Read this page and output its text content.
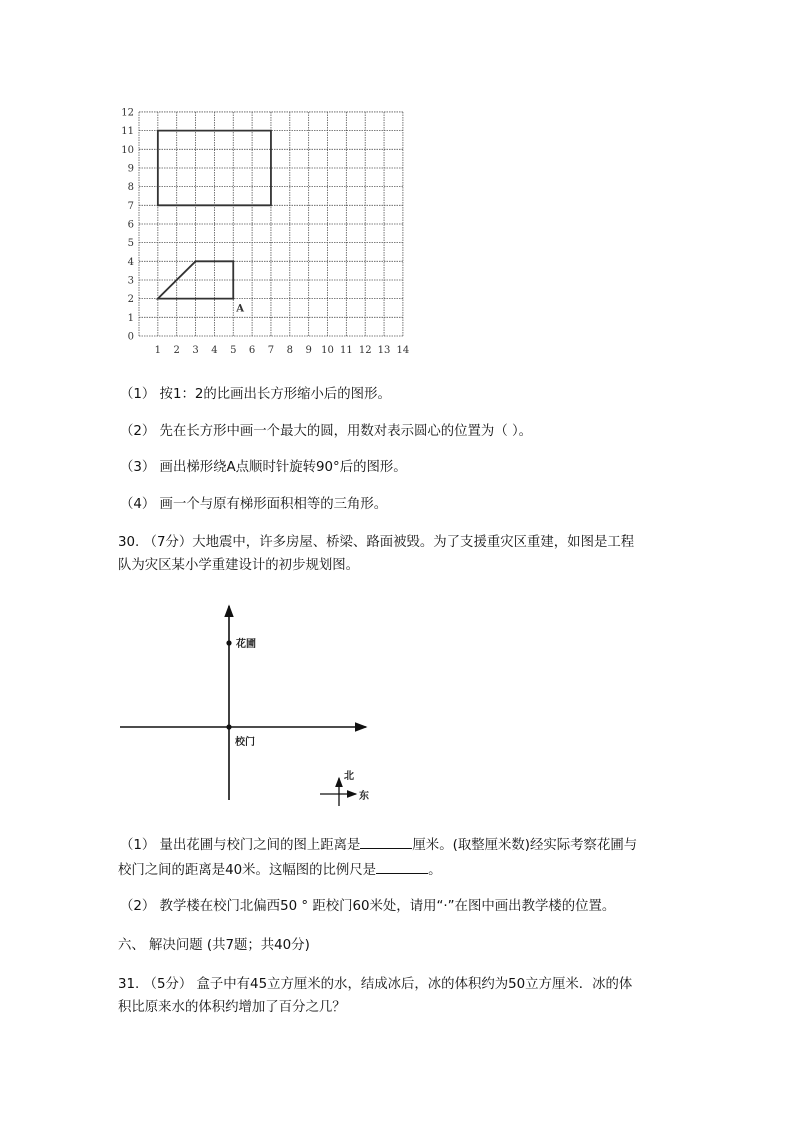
1 2 3 4 5 6 7 8 9 10 11 12 13 14
0
1
2
3
4
5
6
7
8
9
10
11
12
A
（1） 按1：2的比画出长方形缩小后的图形。
（2） 先在长方形中画一个最大的圆，用数对表示圆心的位置为（ ）。
（3） 画出梯形绕A点顺时针旋转90°后的图形。
（4） 画一个与原有梯形面积相等的三角形。
30. （7分）大地震中，许多房屋、桥梁、路面被毁。为了支援重灾区重建，如图是工程
队为灾区某小学重建设计的初步规划图。
花圃
校门
北
东
（1） 量出花圃与校门之间的图上距离是	厘米。(取整厘米数)经实际考察花圃与
校门之间的距离是40米。这幅图的比例尺是	。
（2） 教学楼在校门北偏西50 ° 距校门60米处，请用“·”在图中画出教学楼的位置。
六、 解决问题 (共7题；共40分)
31. （5分） 盒子中有45立方厘米的水，结成冰后，冰的体积约为50立方厘米．冰的体
积比原来水的体积约增加了百分之几？
